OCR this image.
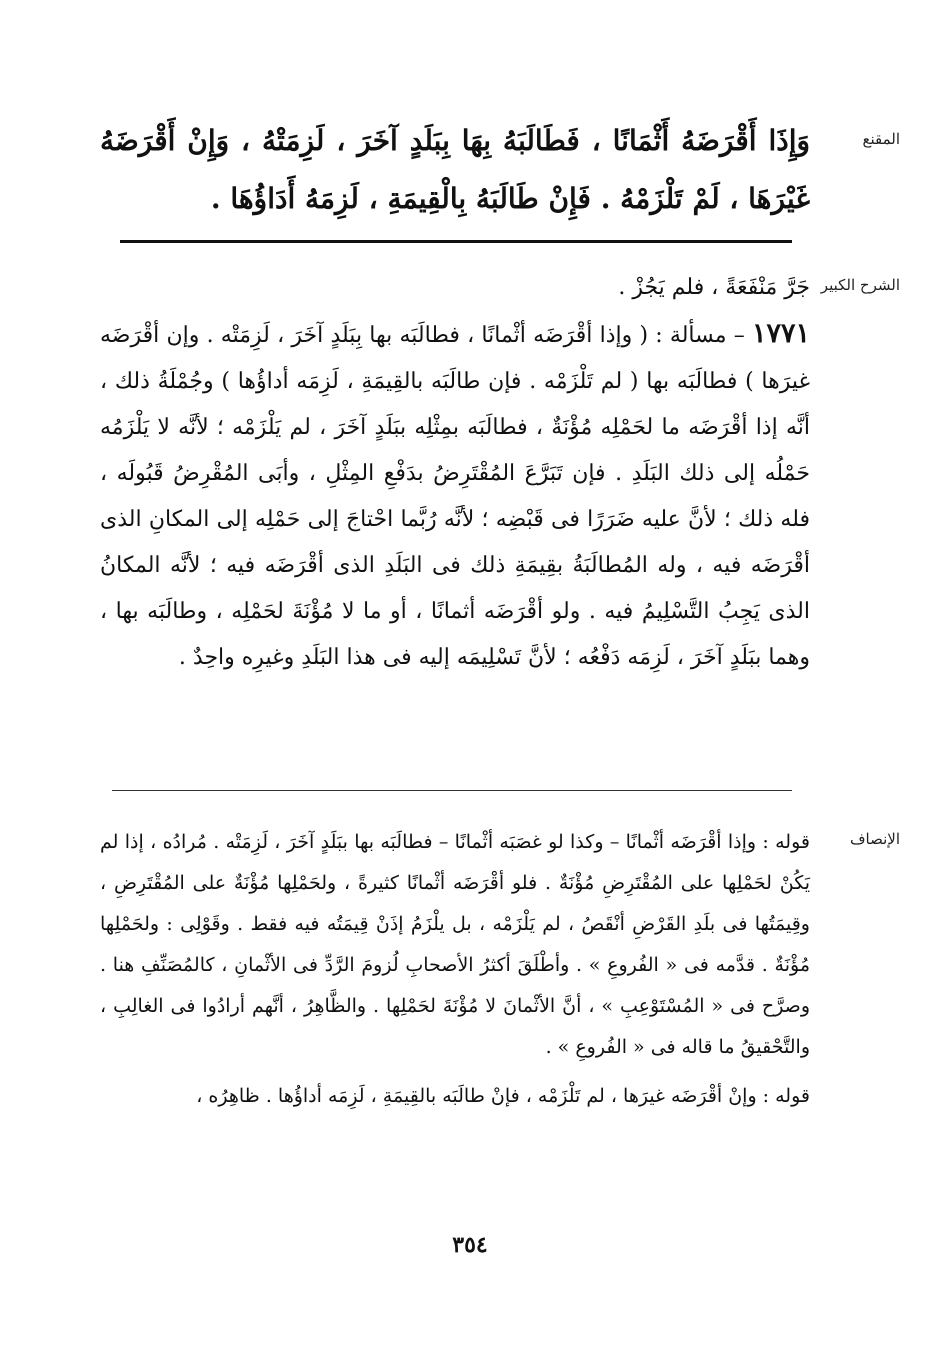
المقنع
وَإِذَا أَقْرَضَهُ أَثْمَانًا ، فَطَالَبَهُ بِهَا بِبَلَدٍ آخَرَ ، لَزِمَتْهُ ، وَإِنْ أَقْرَضَهُ غَيْرَهَا ، لَمْ تَلْزَمْهُ . فَإِنْ طَالَبَهُ بِالْقِيمَةِ ، لَزِمَهُ أَدَاؤُهَا .
الشرح الكبير

جَرَّ مَنْفَعَةً ، فلم يَجُزْ .

١٧٧١ – مسألة : ( وإذا أقْرَضَه أثْمانًا ، فطالَبَه بها بِبَلَدٍ آخَرَ ، لَزِمَتْه . وإن أقْرَضَه غيرَها ) فطالَبَه بها ( لم تَلْزَمْه . فإن طالَبَه بالقِيمَةِ ، لَزِمَه أداؤُها ) وجُمْلَةُ ذلك ، أنَّه إذا أقْرَضَه ما لحَمْلِه مُؤْنَةٌ ، فطالَبَه بمِثْلِه ببَلَدٍ آخَرَ ، لم يَلْزَمْه ؛ لأنَّه لا يَلْزَمُه حَمْلُه إلى ذلك البَلَدِ . فإن تَبَرَّعَ المُقْتَرِضُ بدَفْعِ المِثْلِ ، وأبَى المُقْرِضُ قَبُولَه ، فله ذلك ؛ لأنَّ عليه ضَرَرًا فى قَبْضِه ؛ لأنَّه رُبَّما احْتاجَ إلى حَمْلِه إلى المكانِ الذى أقْرَضَه فيه ، وله المُطالَبَةُ بقِيمَةِ ذلك فى البَلَدِ الذى أقْرَضَه فيه ؛ لأنَّه المكانُ الذى يَجِبُ التَّسْلِيمُ فيه . ولو أقْرَضَه أثمانًا ، أو ما لا مُؤْنَةَ لحَمْلِه ، وطالَبَه بها ، وهما ببَلَدٍ آخَرَ ، لَزِمَه دَفْعُه ؛ لأنَّ تَسْلِيمَه إليه فى هذا البَلَدِ وغيرِه واحِدٌ .

الإنصاف

قوله : وإذا أقْرَضَه أثْمانًا – وكذا لو غصَبَه أثْمانًا – فطالَبَه بها ببَلَدٍ آخَرَ ، لَزِمَتْه . مُرادُه ، إذا لم يَكُنْ لحَمْلِها على المُقْتَرِضِ مُؤْنَةٌ . فلو أقْرَضَه أثْمانًا كثيرةً ، ولحَمْلِها مُؤْنَةٌ على المُقْتَرِضِ ، وقِيمَتُها فى بلَدِ القَرْضِ أنْقَصُ ، لم يَلْزَمْه ، بل يلْزَمُ إذَنْ قِيمَتُه فيه فقط . وقَوْلِى : ولحَمْلِها مُؤْنَةٌ . قدَّمه فى « الفُروعِ » . وأطْلَقَ أكثرُ الأصحابِ لُزومَ الرَّدِّ فى الأثْمانِ ، كالمُصَنِّفِ هنا . وصرَّح فى « المُسْتَوْعِبِ » ، أنَّ الأثْمانَ لا مُؤْنَةَ لحَمْلِها . والظَّاهِرُ ، أنَّهم أرادُوا فى الغالِبِ ، والتَّحْقيقُ ما قاله فى « الفُروعِ » .

قوله : وإنْ أقْرَضَه غيرَها ، لم تَلْزَمْه ، فإنْ طالَبَه بالقِيمَةِ ، لَزِمَه أداؤُها . ظاهِرُه ،

٣٥٤
